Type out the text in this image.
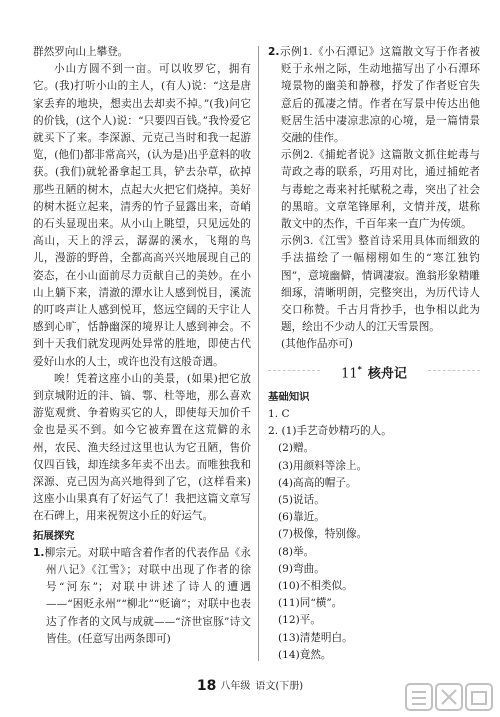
群然罗向山上攀登。

小山方圆不到一亩。可以收罗它，拥有它。(我)打听小山的主人，(有人)说：“这是唐家丢弃的地块，想卖出去却卖不掉。”(我)问它的价钱，(这个人)说：“只要四百钱。”我怜爱它就买下了来。李深源、元克己当时和我一起游览，(他们)都非常高兴，(认为是)出乎意料的收获。(我们)就轮番拿起工具，铲去杂草，砍掉那些丑陋的树木，点起大火把它们烧掉。美好的树木挺立起来，清秀的竹子显露出来，奇峭的石头显现出来。从小山上眺望，只见远处的高山，天上的浮云，潺潺的溪水，飞翔的鸟儿，漫游的野兽，全都高高兴兴地展现自己的姿态，在小山面前尽力贡献自己的美妙。在小山上躺下来，清澈的潭水让人感到悦目，溪流的叮咚声让人感到悦耳，悠远空阔的天宇让人感到心旷，恬静幽深的境界让人感到神会。不到十天我们就发现两处异常的胜地，即使古代爱好山水的人士，或许也没有这般奇遇。

唉！凭着这座小山的美景，(如果)把它放到京城附近的沣、镐、鄠、杜等地，那么喜欢游览观赏、争着购买它的人，即使每天加价千金也是买不到。如今它被弃置在这荒僻的永州，农民、渔夫经过这里也认为它丑陋，售价仅四百钱，却连续多年卖不出去。而唯独我和深源、克己因为高兴地得到了它，(这样看来)这座小山果真有了好运气了！我把这篇文章写在石碑上，用来祝贺这小丘的好运气。

拓展探究

1.柳宗元。对联中暗含着作者的代表作品《永州八记》《江雪》；对联中出现了作者的徐号“河东”；对联中讲述了诗人的遭遇——“困贬永州”“柳北”“贬谪”；对联中也表达了作者的文风与成就——“济世宦豚”诗文皆佳。(任意写出两条即可)

2.示例1.《小石潭记》这篇散文写于作者被贬于永州之际，生动地描写出了小石潭环境景物的幽美和静穆，抒发了作者贬官失意后的孤凄之情。作者在写景中传达出他贬居生活中凄凉悲凉的心境，是一篇情景交融的佳作。

示例2.《捕蛇者说》这篇散文抓住蛇毒与苛政之毒的联系，巧用对比，通过捕蛇者与毒蛇之毒来衬托赋税之毒，突出了社会的黑暗。文章笔锋犀利，文情并茂，堪称散文中的杰作，千百年来一直广为传颂。

示例3.《江雪》整首诗采用具体而细致的手法描绘了一幅栩栩如生的“寒江独钓图”，意境幽僻，情调凄寂。渔翁形象精雕细琢，清晰明朗，完整突出，为历代诗人交口称赞。千古月背抄手，也争相以此为题，绘出不少动人的江天雪景图。

(其他作品亦可)

11* 核舟记

基础知识

1. C

2. (1)手艺奇妙精巧的人。

(2)赠。

(3)用颜料等涂上。

(4)高高的帽子。

(5)说话。

(6)靠近。

(7)极像，特别像。

(8)举。

(9)弯曲。

(10)不相类似。

(11)同“横”。

(12)平。

(13)清楚明白。

(14)竟然。

18 八年级 语文(下册)
